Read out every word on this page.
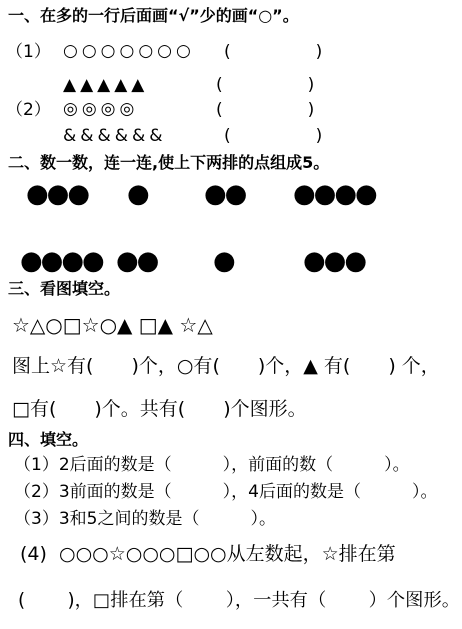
一、在多的一行后面画“√”少的画“○”。
（1） ○○○○○○○ (　　　　　)
▲▲▲▲▲	(　　　　　)
（2） ◎◎◎◎	(　　　　　)
&&&&&&	(　　　　　)
二、数一数，连一连,使上下两排的点组成5。
●●● ● ●● ●●●●
●●●● ●● ●	●●●
三、看图填空。
☆△○□☆○▲ □▲ ☆△
图上☆有(　　)个，○有(　　)个，▲ 有(　　) 个，
□有(　　)个。共有(　　)个图形。
四、填空。
（1）2后面的数是（　　　），前面的数（　　　）。
（2）3前面的数是（　　　），4后面的数是（　　　）。
（3）3和5之间的数是（　　　）。
(4)  ○○○☆○○○□○○从左数起，☆排在第
(　　 )，□排在第（　　 ），一共有（　　 ）个图形。
